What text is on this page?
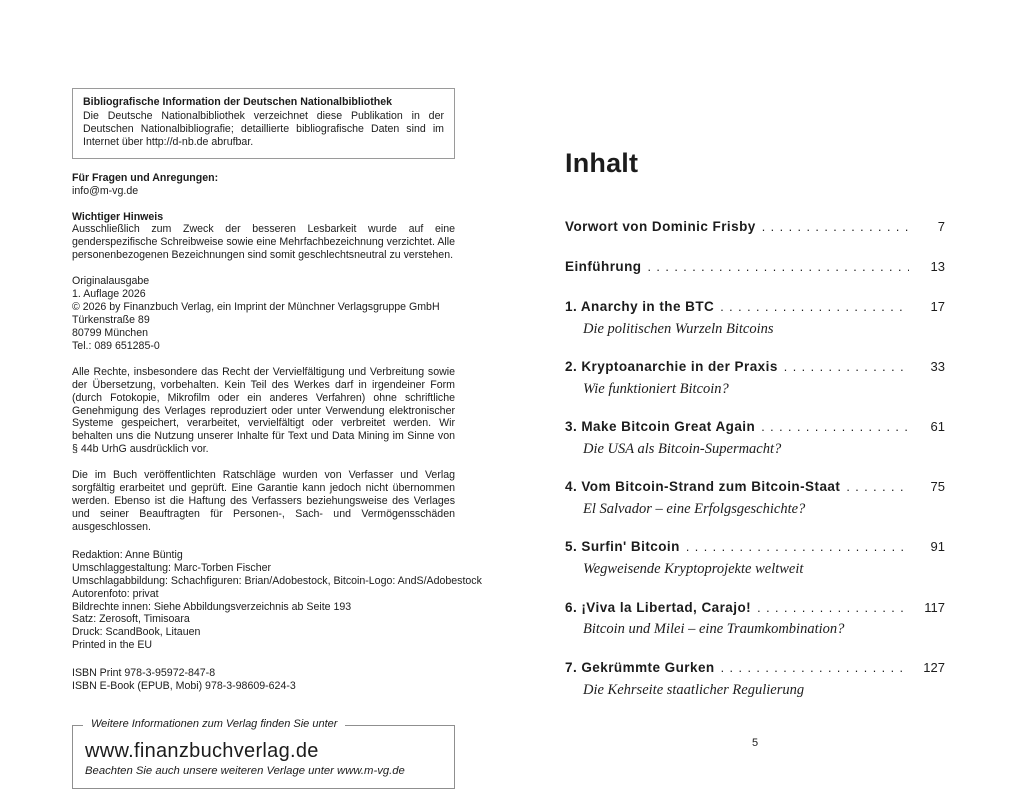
Bibliografische Information der Deutschen Nationalbibliothek
Die Deutsche Nationalbibliothek verzeichnet diese Publikation in der Deutschen Nationalbibliografie; detaillierte bibliografische Daten sind im Internet über http://d-nb.de abrufbar.
Für Fragen und Anregungen:
info@m-vg.de
Wichtiger Hinweis
Ausschließlich zum Zweck der besseren Lesbarkeit wurde auf eine genderspezifische Schreibweise sowie eine Mehrfachbezeichnung verzichtet. Alle personenbezogenen Bezeichnungen sind somit geschlechtsneutral zu verstehen.
Originalausgabe
1. Auflage 2026
© 2026 by Finanzbuch Verlag, ein Imprint der Münchner Verlagsgruppe GmbH
Türkenstraße 89
80799 München
Tel.: 089 651285-0
Alle Rechte, insbesondere das Recht der Vervielfältigung und Verbreitung sowie der Übersetzung, vorbehalten. Kein Teil des Werkes darf in irgendeiner Form (durch Fotokopie, Mikrofilm oder ein anderes Verfahren) ohne schriftliche Genehmigung des Verlages reproduziert oder unter Verwendung elektronischer Systeme gespeichert, verarbeitet, vervielfältigt oder verbreitet werden. Wir behalten uns die Nutzung unserer Inhalte für Text und Data Mining im Sinne von § 44b UrhG ausdrücklich vor.
Die im Buch veröffentlichten Ratschläge wurden von Verfasser und Verlag sorgfältig erarbeitet und geprüft. Eine Garantie kann jedoch nicht übernommen werden. Ebenso ist die Haftung des Verfassers beziehungsweise des Verlages und seiner Beauftragten für Personen-, Sach- und Vermögensschäden ausgeschlossen.
Redaktion: Anne Büntig
Umschlaggestaltung: Marc-Torben Fischer
Umschlagabbildung: Schachfiguren: Brian/Adobestock, Bitcoin-Logo: AndS/Adobestock
Autorenfoto: privat
Bildrechte innen: Siehe Abbildungsverzeichnis ab Seite 193
Satz: Zerosoft, Timisoara
Druck: ScandBook, Litauen
Printed in the EU
ISBN Print 978-3-95972-847-8
ISBN E-Book (EPUB, Mobi) 978-3-98609-624-3
Weitere Informationen zum Verlag finden Sie unter
www.finanzbuchverlag.de
Beachten Sie auch unsere weiteren Verlage unter www.m-vg.de
Inhalt
Vorwort von Dominic Frisby . . .	7
Einführung . . .	13
1. Anarchy in the BTC . . .	17
Die politischen Wurzeln Bitcoins
2. Kryptoanarchie in der Praxis . . .	33
Wie funktioniert Bitcoin?
3. Make Bitcoin Great Again . . .	61
Die USA als Bitcoin-Supermacht?
4. Vom Bitcoin-Strand zum Bitcoin-Staat . . .	75
El Salvador – eine Erfolgsgeschichte?
5. Surfin' Bitcoin . . .	91
Wegweisende Kryptoprojekte weltweit
6. ¡Viva la Libertad, Carajo! . . .	117
Bitcoin und Milei – eine Traumkombination?
7. Gekrümmte Gurken . . .	127
Die Kehrseite staatlicher Regulierung
5
